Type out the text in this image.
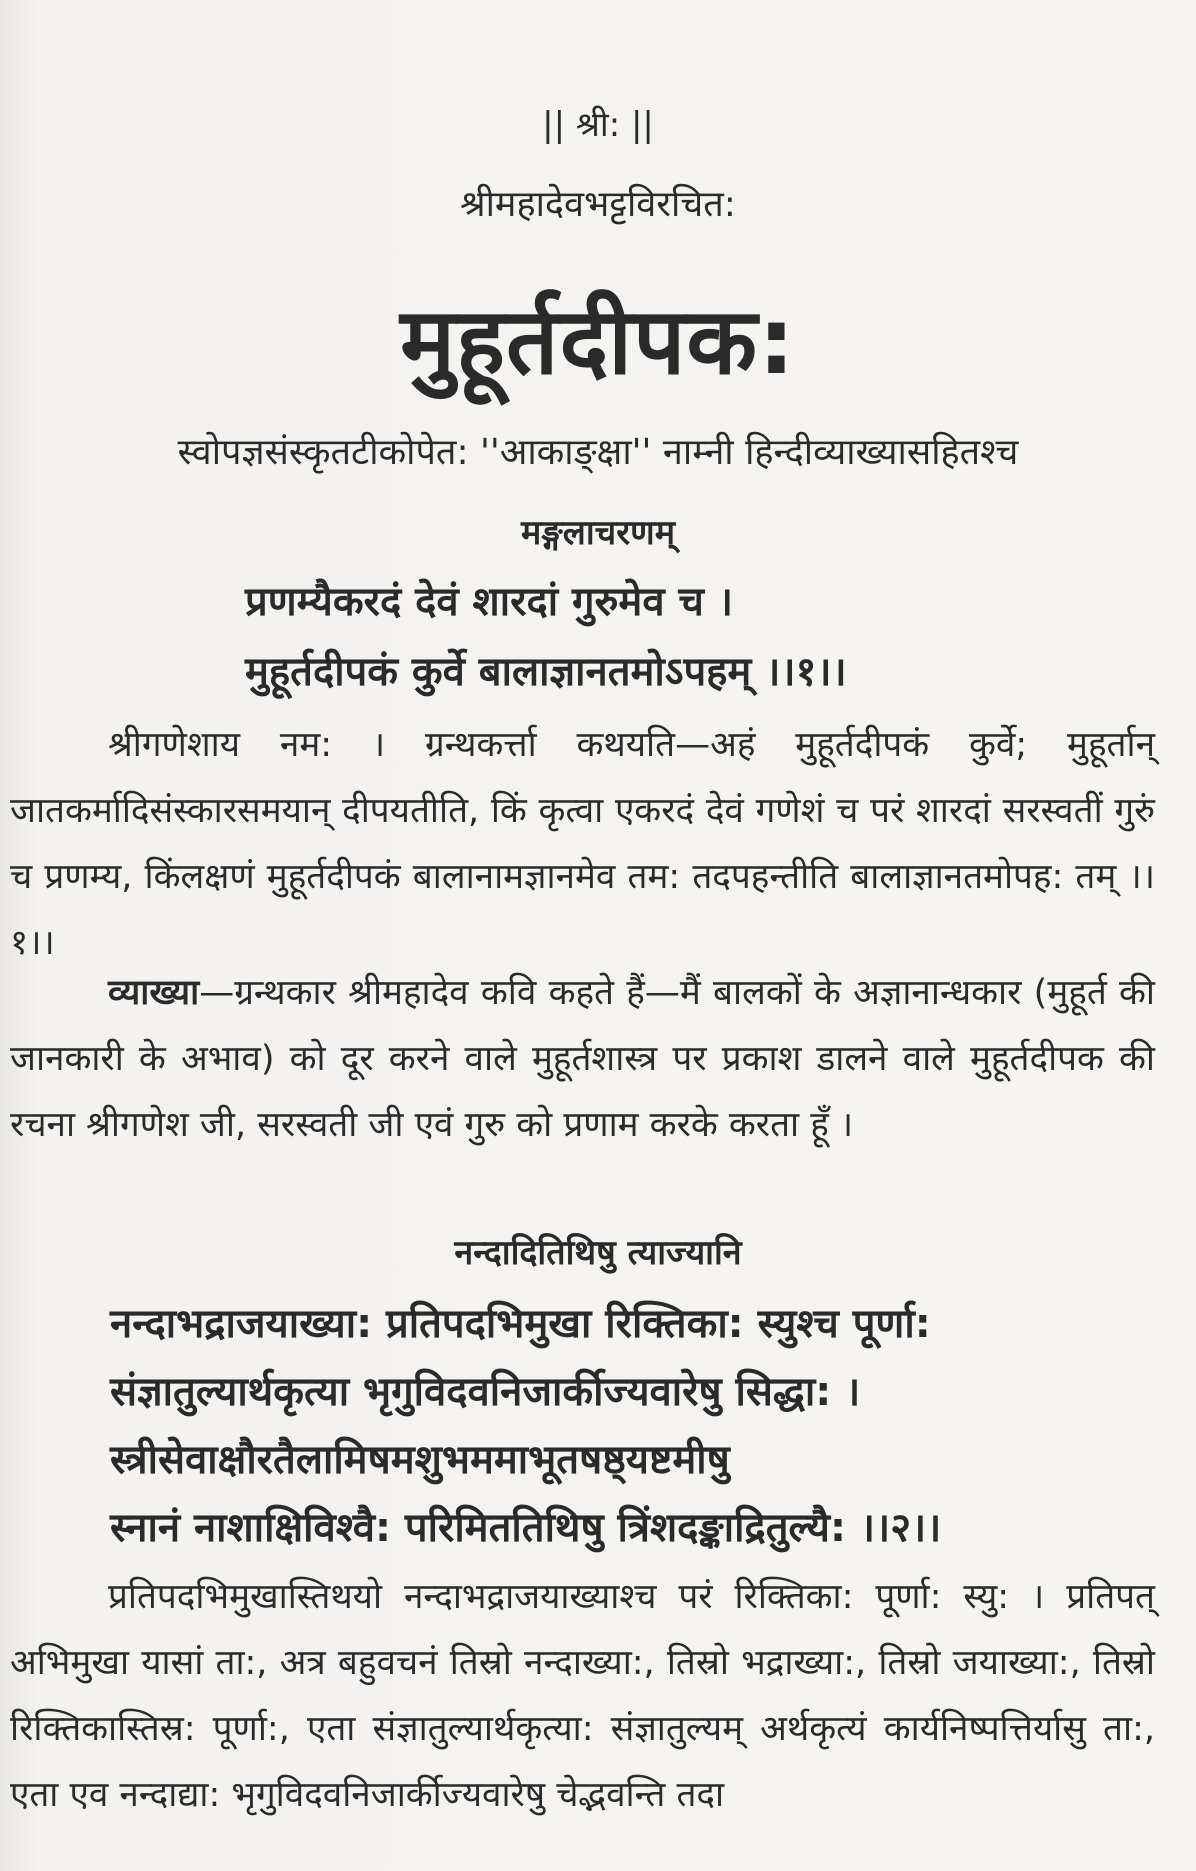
|| श्री: ||
श्रीमहादेवभट्टविरचित:
मुहूर्तदीपक:
स्वोपज्ञसंस्कृतटीकोपेत: ''आकाङ्क्षा'' नाम्नी हिन्दीव्याख्यासहितश्च
मङ्गलाचरणम्
प्रणम्यैकरदं देवं शारदां गुरुमेव च ।
मुहूर्तदीपकं कुर्वे बालाज्ञानतमोऽपहम् ।।१।।

श्रीगणेशाय नम: । ग्रन्थकर्त्ता कथयति—अहं मुहूर्तदीपकं कुर्वे; मुहूर्तान् जातकर्मादिसंस्कारसमयान् दीपयतीति, किं कृत्वा एकरदं देवं गणेशं च परं शारदां सरस्वतीं गुरुं च प्रणम्य, किंलक्षणं मुहूर्तदीपकं बालानामज्ञानमेव तम: तदपहन्तीति बालाज्ञानतमोपह: तम् ।।१।।

व्याख्या—ग्रन्थकार श्रीमहादेव कवि कहते हैं—मैं बालकों के अज्ञानान्धकार (मुहूर्त की जानकारी के अभाव) को दूर करने वाले मुहूर्तशास्त्र पर प्रकाश डालने वाले मुहूर्तदीपक की रचना श्रीगणेश जी, सरस्वती जी एवं गुरु को प्रणाम करके करता हूँ ।

नन्दादितिथिषु त्याज्यानि
नन्दाभद्राजयाख्या: प्रतिपदभिमुखा रिक्तिका: स्युश्च पूर्णा:
संज्ञातुल्यार्थकृत्या भृगुविदवनिजार्कीज्यवारेषु सिद्धा: ।
स्त्रीसेवाक्षौरतैलामिषमशुभममाभूतषष्ठ्यष्टमीषु
स्नानं नाशाक्षिविश्वै: परिमिततिथिषु त्रिंशदङ्काद्रितुल्यै: ।।२।।

प्रतिपदभिमुखास्तिथयो नन्दाभद्राजयाख्याश्च परं रिक्तिका: पूर्णा: स्यु: । प्रतिपत् अभिमुखा यासां ता:, अत्र बहुवचनं तिस्रो नन्दाख्या:, तिस्रो भद्राख्या:, तिस्रो जयाख्या:, तिस्रो रिक्तिकास्तिस्र: पूर्णा:, एता संज्ञातुल्यार्थकृत्या: संज्ञातुल्यम् अर्थकृत्यं कार्यनिष्पत्तिर्यासु ता:, एता एव नन्दाद्या: भृगुविदवनिजार्कीज्यवारेषु चेद्भवन्ति तदा
